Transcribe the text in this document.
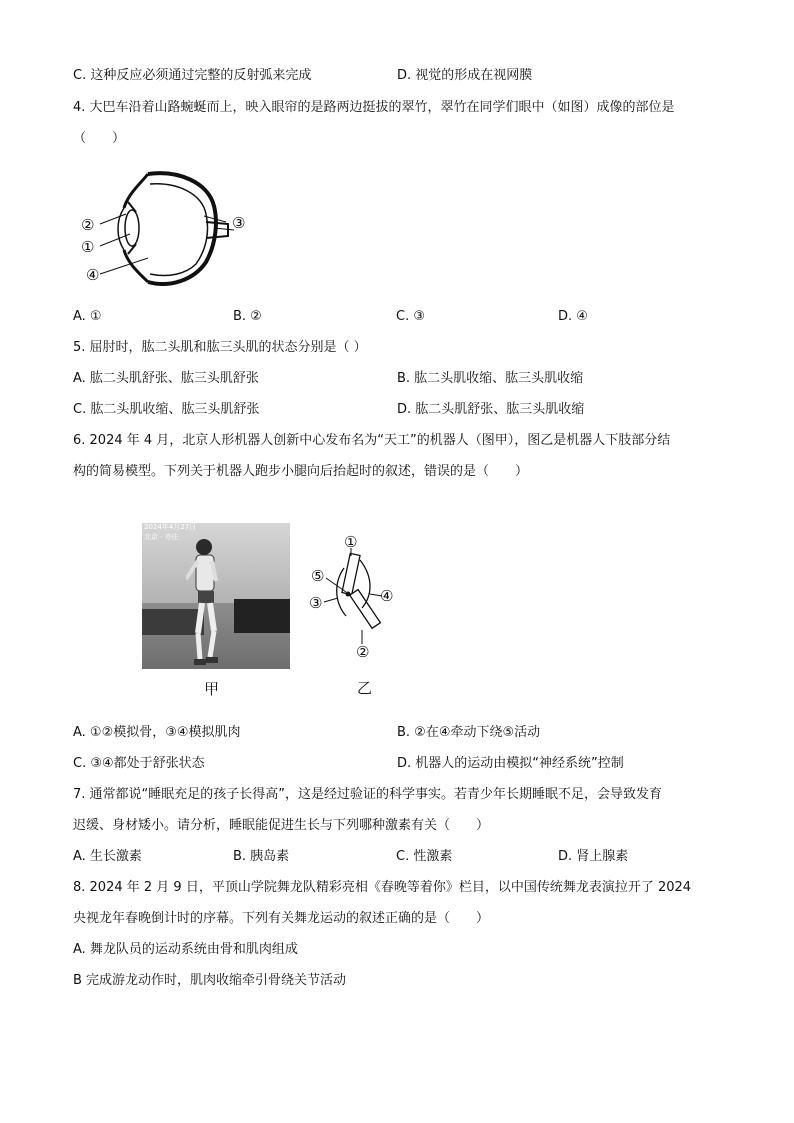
C. 这种反应必须通过完整的反射弧来完成	D. 视觉的形成在视网膜
4. 大巴车沿着山路蜿蜒而上，映入眼帘的是路两边挺拔的翠竹，翠竹在同学们眼中（如图）成像的部位是
（　　）
②
①
④
③
A. ①	B. ②	C. ③	D. ④
5. 屈肘时，肱二头肌和肱三头肌的状态分别是（ ）
A. 肱二头肌舒张、肱三头肌舒张	B. 肱二头肌收缩、肱三头肌收缩
C. 肱二头肌收缩、肱三头肌舒张	D. 肱二头肌舒张、肱三头肌收缩
6. 2024 年 4 月，北京人形机器人创新中心发布名为“天工”的机器人（图甲），图乙是机器人下肢部分结
构的简易模型。下列关于机器人跑步小腿向后抬起时的叙述，错误的是（　　）
2024年4月27日
北京 · 亦庄
甲
①
⑤
③	④
②
乙
A. ①②模拟骨，③④模拟肌肉	B. ②在④牵动下绕⑤活动
C. ③④都处于舒张状态	D. 机器人的运动由模拟“神经系统”控制
7. 通常都说“睡眠充足的孩子长得高”，这是经过验证的科学事实。若青少年长期睡眠不足，会导致发育
迟缓、身材矮小。请分析，睡眠能促进生长与下列哪种激素有关（　　）
A. 生长激素	B. 胰岛素	C. 性激素	D. 肾上腺素
8. 2024 年 2 月 9 日，平顶山学院舞龙队精彩亮相《春晚等着你》栏目，以中国传统舞龙表演拉开了 2024
央视龙年春晚倒计时的序幕。下列有关舞龙运动的叙述正确的是（　　）
A. 舞龙队员的运动系统由骨和肌肉组成
B 完成游龙动作时，肌肉收缩牵引骨绕关节活动
